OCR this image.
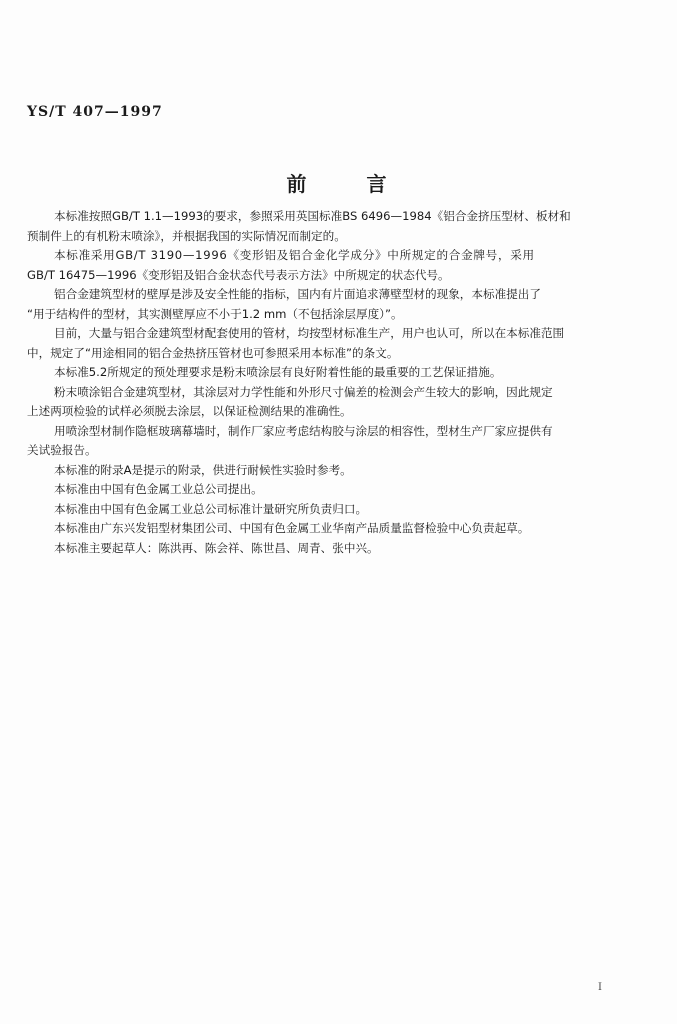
YS/T 407—1997
前	言
本标准按照GB/T 1.1—1993的要求，参照采用英国标准BS 6496—1984《铝合金挤压型材、板材和
预制件上的有机粉末喷涂》，并根据我国的实际情况而制定的。
本标准采用GB/T 3190—1996《变形铝及铝合金化学成分》中所规定的合金牌号，采用
GB/T 16475—1996《变形铝及铝合金状态代号表示方法》中所规定的状态代号。
铝合金建筑型材的壁厚是涉及安全性能的指标，国内有片面追求薄壁型材的现象，本标准提出了
“用于结构件的型材，其实测壁厚应不小于1.2 mm（不包括涂层厚度）”。
目前，大量与铝合金建筑型材配套使用的管材，均按型材标准生产，用户也认可，所以在本标准范围
中，规定了“用途相同的铝合金热挤压管材也可参照采用本标准”的条文。
本标准5.2所规定的预处理要求是粉末喷涂层有良好附着性能的最重要的工艺保证措施。
粉末喷涂铝合金建筑型材，其涂层对力学性能和外形尺寸偏差的检测会产生较大的影响，因此规定
上述两项检验的试样必须脱去涂层，以保证检测结果的准确性。
用喷涂型材制作隐框玻璃幕墙时，制作厂家应考虑结构胶与涂层的相容性，型材生产厂家应提供有
关试验报告。
本标准的附录A是提示的附录，供进行耐候性实验时参考。
本标准由中国有色金属工业总公司提出。
本标准由中国有色金属工业总公司标准计量研究所负责归口。
本标准由广东兴发铝型材集团公司、中国有色金属工业华南产品质量监督检验中心负责起草。
本标准主要起草人：陈洪再、陈会祥、陈世昌、周青、张中兴。
I
